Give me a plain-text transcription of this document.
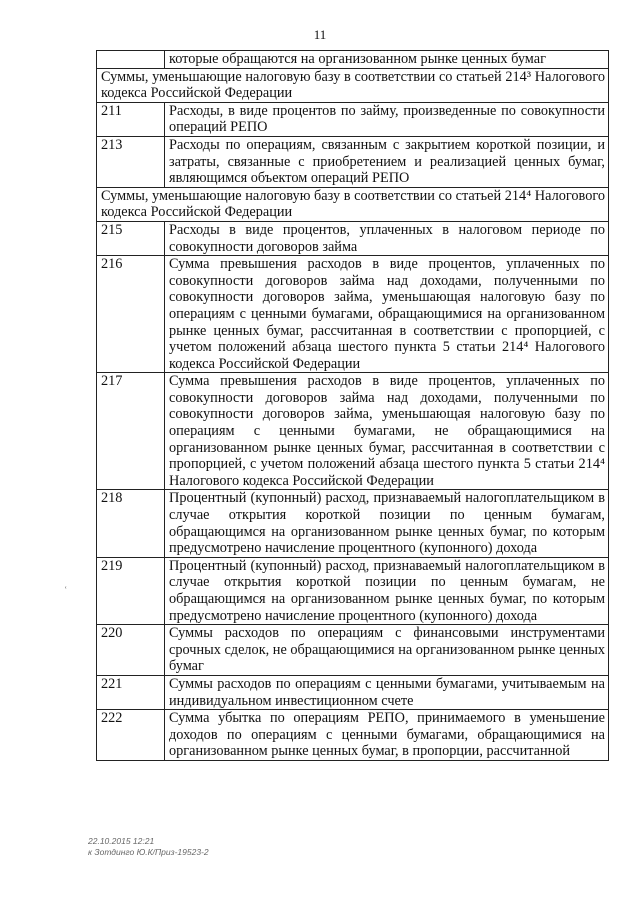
11
	которые обращаются на организованном рынке ценных бумаг
Суммы, уменьшающие налоговую базу в соответствии со статьей 214³ Налогового кодекса Российской Федерации	
211	Расходы, в виде процентов по займу, произведенные по совокупности операций РЕПО
213	Расходы по операциям, связанным с закрытием короткой позиции, и затраты, связанные с приобретением и реализацией ценных бумаг, являющимся объектом операций РЕПО
Суммы, уменьшающие налоговую базу в соответствии со статьей 214⁴ Налогового кодекса Российской Федерации	
215	Расходы в виде процентов, уплаченных в налоговом периоде по совокупности договоров займа
216	Сумма превышения расходов в виде процентов, уплаченных по совокупности договоров займа над доходами, полученными по совокупности договоров займа, уменьшающая налоговую базу по операциям с ценными бумагами, обращающимися на организованном рынке ценных бумаг, рассчитанная в соответствии с пропорцией, с учетом положений абзаца шестого пункта 5 статьи 214⁴ Налогового кодекса Российской Федерации
217	Сумма превышения расходов в виде процентов, уплаченных по совокупности договоров займа над доходами, полученными по совокупности договоров займа, уменьшающая налоговую базу по операциям с ценными бумагами, не обращающимися на организованном рынке ценных бумаг, рассчитанная в соответствии с пропорцией, с учетом положений абзаца шестого пункта 5 статьи 214⁴ Налогового кодекса Российской Федерации
218	Процентный (купонный) расход, признаваемый налогоплательщиком в случае открытия короткой позиции по ценным бумагам, обращающимся на организованном рынке ценных бумаг, по которым предусмотрено начисление процентного (купонного) дохода
219	Процентный (купонный) расход, признаваемый налогоплательщиком в случае открытия короткой позиции по ценным бумагам, не обращающимся на организованном рынке ценных бумаг, по которым предусмотрено начисление процентного (купонного) дохода
220	Суммы расходов по операциям с финансовыми инструментами срочных сделок, не обращающимися на организованном рынке ценных бумаг
221	Суммы расходов по операциям с ценными бумагами, учитываемым на индивидуальном инвестиционном счете
222	Сумма убытка по операциям РЕПО, принимаемого в уменьшение доходов по операциям с ценными бумагами, обращающимися на организованном рынке ценных бумаг, в пропорции, рассчитанной
ʿ
22.10.2015 12:21
к Зотдинго Ю.К/Приз-19523-2
